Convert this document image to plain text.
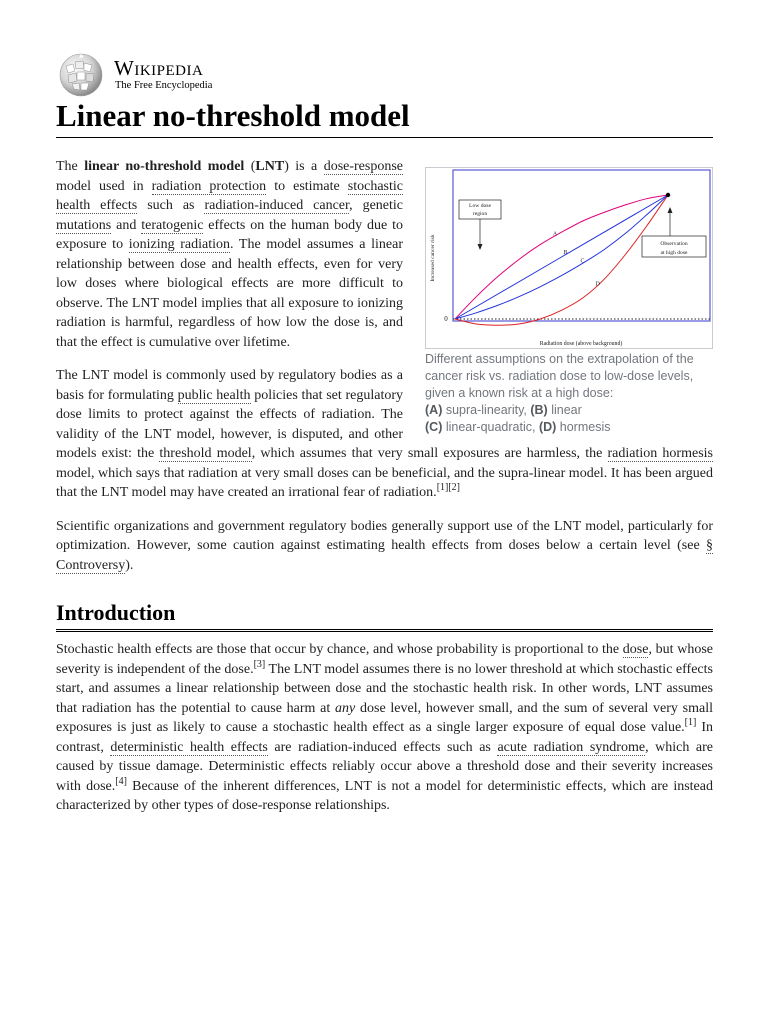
Wikipedia
The Free Encyclopedia
Linear no-threshold model
A
B
C
D
Low dose
region
Observation
at high dose
0
Increased cancer risk
Radiation dose (above background)
Different assumptions on the extrapolation of the cancer risk vs. radiation dose to low-dose levels, given a known risk at a high dose:
(A) supra-linearity, (B) linear
(C) linear-quadratic, (D) hormesis

The linear no-threshold model (LNT) is a dose-response model used in radiation protection to estimate stochastic health effects such as radiation-induced cancer, genetic mutations and teratogenic effects on the human body due to exposure to ionizing radiation. The model assumes a linear relationship between dose and health effects, even for very low doses where biological effects are more difficult to observe. The LNT model implies that all exposure to ionizing radiation is harmful, regardless of how low the dose is, and that the effect is cumulative over lifetime.

The LNT model is commonly used by regulatory bodies as a basis for formulating public health policies that set regulatory dose limits to protect against the effects of radiation. The validity of the LNT model, however, is disputed, and other models exist: the threshold model, which assumes that very small exposures are harmless, the radiation hormesis model, which says that radiation at very small doses can be beneficial, and the supra-linear model. It has been argued that the LNT model may have created an irrational fear of radiation.[1][2]

Scientific organizations and government regulatory bodies generally support use of the LNT model, particularly for optimization. However, some caution against estimating health effects from doses below a certain level (see § Controversy).

Introduction

Stochastic health effects are those that occur by chance, and whose probability is proportional to the dose, but whose severity is independent of the dose.[3] The LNT model assumes there is no lower threshold at which stochastic effects start, and assumes a linear relationship between dose and the stochastic health risk. In other words, LNT assumes that radiation has the potential to cause harm at any dose level, however small, and the sum of several very small exposures is just as likely to cause a stochastic health effect as a single larger exposure of equal dose value.[1] In contrast, deterministic health effects are radiation-induced effects such as acute radiation syndrome, which are caused by tissue damage. Deterministic effects reliably occur above a threshold dose and their severity increases with dose.[4] Because of the inherent differences, LNT is not a model for deterministic effects, which are instead characterized by other types of dose-response relationships.
